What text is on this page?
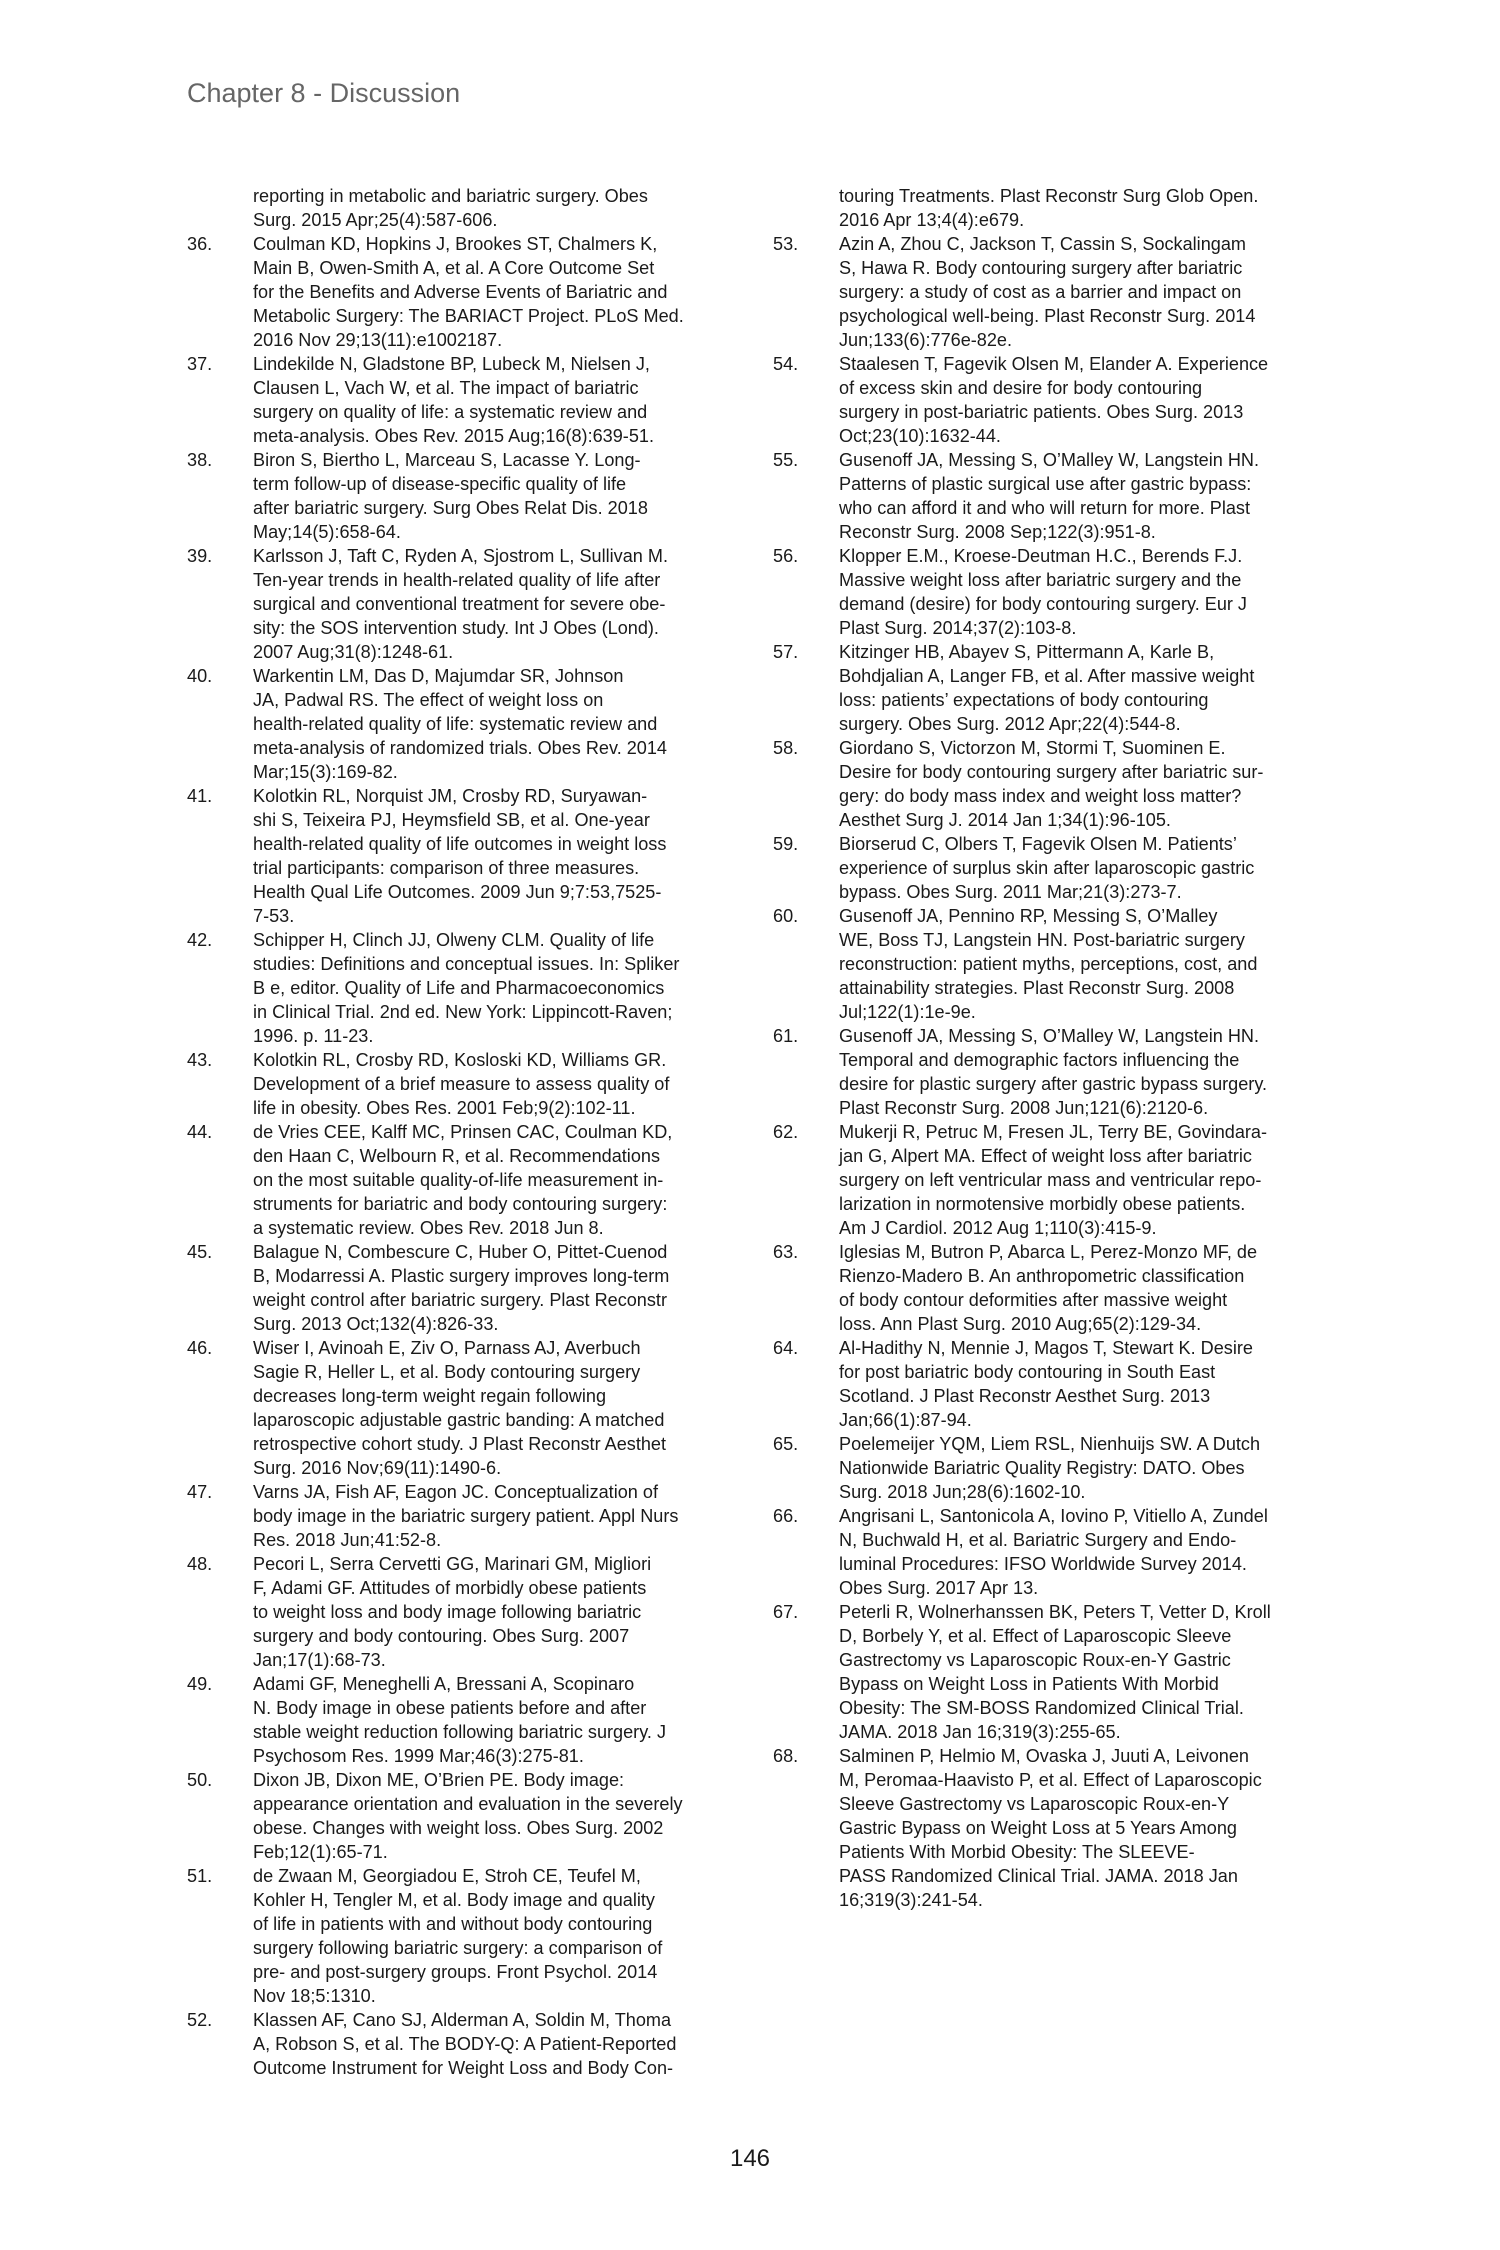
Chapter 8 - Discussion
reporting in metabolic and bariatric surgery. Obes
Surg. 2015 Apr;25(4):587-606.
36.	Coulman KD, Hopkins J, Brookes ST, Chalmers K,
Main B, Owen-Smith A, et al. A Core Outcome Set
for the Benefits and Adverse Events of Bariatric and
Metabolic Surgery: The BARIACT Project. PLoS Med.
2016 Nov 29;13(11):e1002187.
37.	Lindekilde N, Gladstone BP, Lubeck M, Nielsen J,
Clausen L, Vach W, et al. The impact of bariatric
surgery on quality of life: a systematic review and
meta-analysis. Obes Rev. 2015 Aug;16(8):639-51.
38.	Biron S, Biertho L, Marceau S, Lacasse Y. Long-
term follow-up of disease-specific quality of life
after bariatric surgery. Surg Obes Relat Dis. 2018
May;14(5):658-64.
39.	Karlsson J, Taft C, Ryden A, Sjostrom L, Sullivan M.
Ten-year trends in health-related quality of life after
surgical and conventional treatment for severe obe-
sity: the SOS intervention study. Int J Obes (Lond).
2007 Aug;31(8):1248-61.
40.	Warkentin LM, Das D, Majumdar SR, Johnson
JA, Padwal RS. The effect of weight loss on
health-related quality of life: systematic review and
meta-analysis of randomized trials. Obes Rev. 2014
Mar;15(3):169-82.
41.	Kolotkin RL, Norquist JM, Crosby RD, Suryawan-
shi S, Teixeira PJ, Heymsfield SB, et al. One-year
health-related quality of life outcomes in weight loss
trial participants: comparison of three measures.
Health Qual Life Outcomes. 2009 Jun 9;7:53,7525-
7-53.
42.	Schipper H, Clinch JJ, Olweny CLM. Quality of life
studies: Definitions and conceptual issues. In: Spliker
B e, editor. Quality of Life and Pharmacoeconomics
in Clinical Trial. 2nd ed. New York: Lippincott-Raven;
1996. p. 11-23.
43.	Kolotkin RL, Crosby RD, Kosloski KD, Williams GR.
Development of a brief measure to assess quality of
life in obesity. Obes Res. 2001 Feb;9(2):102-11.
44.	de Vries CEE, Kalff MC, Prinsen CAC, Coulman KD,
den Haan C, Welbourn R, et al. Recommendations
on the most suitable quality-of-life measurement in-
struments for bariatric and body contouring surgery:
a systematic review. Obes Rev. 2018 Jun 8.
45.	Balague N, Combescure C, Huber O, Pittet-Cuenod
B, Modarressi A. Plastic surgery improves long-term
weight control after bariatric surgery. Plast Reconstr
Surg. 2013 Oct;132(4):826-33.
46.	Wiser I, Avinoah E, Ziv O, Parnass AJ, Averbuch
Sagie R, Heller L, et al. Body contouring surgery
decreases long-term weight regain following
laparoscopic adjustable gastric banding: A matched
retrospective cohort study. J Plast Reconstr Aesthet
Surg. 2016 Nov;69(11):1490-6.
47.	Varns JA, Fish AF, Eagon JC. Conceptualization of
body image in the bariatric surgery patient. Appl Nurs
Res. 2018 Jun;41:52-8.
48.	Pecori L, Serra Cervetti GG, Marinari GM, Migliori
F, Adami GF. Attitudes of morbidly obese patients
to weight loss and body image following bariatric
surgery and body contouring. Obes Surg. 2007
Jan;17(1):68-73.
49.	Adami GF, Meneghelli A, Bressani A, Scopinaro
N. Body image in obese patients before and after
stable weight reduction following bariatric surgery. J
Psychosom Res. 1999 Mar;46(3):275-81.
50.	Dixon JB, Dixon ME, O’Brien PE. Body image:
appearance orientation and evaluation in the severely
obese. Changes with weight loss. Obes Surg. 2002
Feb;12(1):65-71.
51.	de Zwaan M, Georgiadou E, Stroh CE, Teufel M,
Kohler H, Tengler M, et al. Body image and quality
of life in patients with and without body contouring
surgery following bariatric surgery: a comparison of
pre- and post-surgery groups. Front Psychol. 2014
Nov 18;5:1310.
52.	Klassen AF, Cano SJ, Alderman A, Soldin M, Thoma
A, Robson S, et al. The BODY-Q: A Patient-Reported
Outcome Instrument for Weight Loss and Body Con-
touring Treatments. Plast Reconstr Surg Glob Open.
2016 Apr 13;4(4):e679.
53.	Azin A, Zhou C, Jackson T, Cassin S, Sockalingam
S, Hawa R. Body contouring surgery after bariatric
surgery: a study of cost as a barrier and impact on
psychological well-being. Plast Reconstr Surg. 2014
Jun;133(6):776e-82e.
54.	Staalesen T, Fagevik Olsen M, Elander A. Experience
of excess skin and desire for body contouring
surgery in post-bariatric patients. Obes Surg. 2013
Oct;23(10):1632-44.
55.	Gusenoff JA, Messing S, O’Malley W, Langstein HN.
Patterns of plastic surgical use after gastric bypass:
who can afford it and who will return for more. Plast
Reconstr Surg. 2008 Sep;122(3):951-8.
56.	Klopper E.M., Kroese-Deutman H.C., Berends F.J.
Massive weight loss after bariatric surgery and the
demand (desire) for body contouring surgery. Eur J
Plast Surg. 2014;37(2):103-8.
57.	Kitzinger HB, Abayev S, Pittermann A, Karle B,
Bohdjalian A, Langer FB, et al. After massive weight
loss: patients’ expectations of body contouring
surgery. Obes Surg. 2012 Apr;22(4):544-8.
58.	Giordano S, Victorzon M, Stormi T, Suominen E.
Desire for body contouring surgery after bariatric sur-
gery: do body mass index and weight loss matter?
Aesthet Surg J. 2014 Jan 1;34(1):96-105.
59.	Biorserud C, Olbers T, Fagevik Olsen M. Patients’
experience of surplus skin after laparoscopic gastric
bypass. Obes Surg. 2011 Mar;21(3):273-7.
60.	Gusenoff JA, Pennino RP, Messing S, O’Malley
WE, Boss TJ, Langstein HN. Post-bariatric surgery
reconstruction: patient myths, perceptions, cost, and
attainability strategies. Plast Reconstr Surg. 2008
Jul;122(1):1e-9e.
61.	Gusenoff JA, Messing S, O’Malley W, Langstein HN.
Temporal and demographic factors influencing the
desire for plastic surgery after gastric bypass surgery.
Plast Reconstr Surg. 2008 Jun;121(6):2120-6.
62.	Mukerji R, Petruc M, Fresen JL, Terry BE, Govindara-
jan G, Alpert MA. Effect of weight loss after bariatric
surgery on left ventricular mass and ventricular repo-
larization in normotensive morbidly obese patients.
Am J Cardiol. 2012 Aug 1;110(3):415-9.
63.	Iglesias M, Butron P, Abarca L, Perez-Monzo MF, de
Rienzo-Madero B. An anthropometric classification
of body contour deformities after massive weight
loss. Ann Plast Surg. 2010 Aug;65(2):129-34.
64.	Al-Hadithy N, Mennie J, Magos T, Stewart K. Desire
for post bariatric body contouring in South East
Scotland. J Plast Reconstr Aesthet Surg. 2013
Jan;66(1):87-94.
65.	Poelemeijer YQM, Liem RSL, Nienhuijs SW. A Dutch
Nationwide Bariatric Quality Registry: DATO. Obes
Surg. 2018 Jun;28(6):1602-10.
66.	Angrisani L, Santonicola A, Iovino P, Vitiello A, Zundel
N, Buchwald H, et al. Bariatric Surgery and Endo-
luminal Procedures: IFSO Worldwide Survey 2014.
Obes Surg. 2017 Apr 13.
67.	Peterli R, Wolnerhanssen BK, Peters T, Vetter D, Kroll
D, Borbely Y, et al. Effect of Laparoscopic Sleeve
Gastrectomy vs Laparoscopic Roux-en-Y Gastric
Bypass on Weight Loss in Patients With Morbid
Obesity: The SM-BOSS Randomized Clinical Trial.
JAMA. 2018 Jan 16;319(3):255-65.
68.	Salminen P, Helmio M, Ovaska J, Juuti A, Leivonen
M, Peromaa-Haavisto P, et al. Effect of Laparoscopic
Sleeve Gastrectomy vs Laparoscopic Roux-en-Y
Gastric Bypass on Weight Loss at 5 Years Among
Patients With Morbid Obesity: The SLEEVE-
PASS Randomized Clinical Trial. JAMA. 2018 Jan
16;319(3):241-54.
146
